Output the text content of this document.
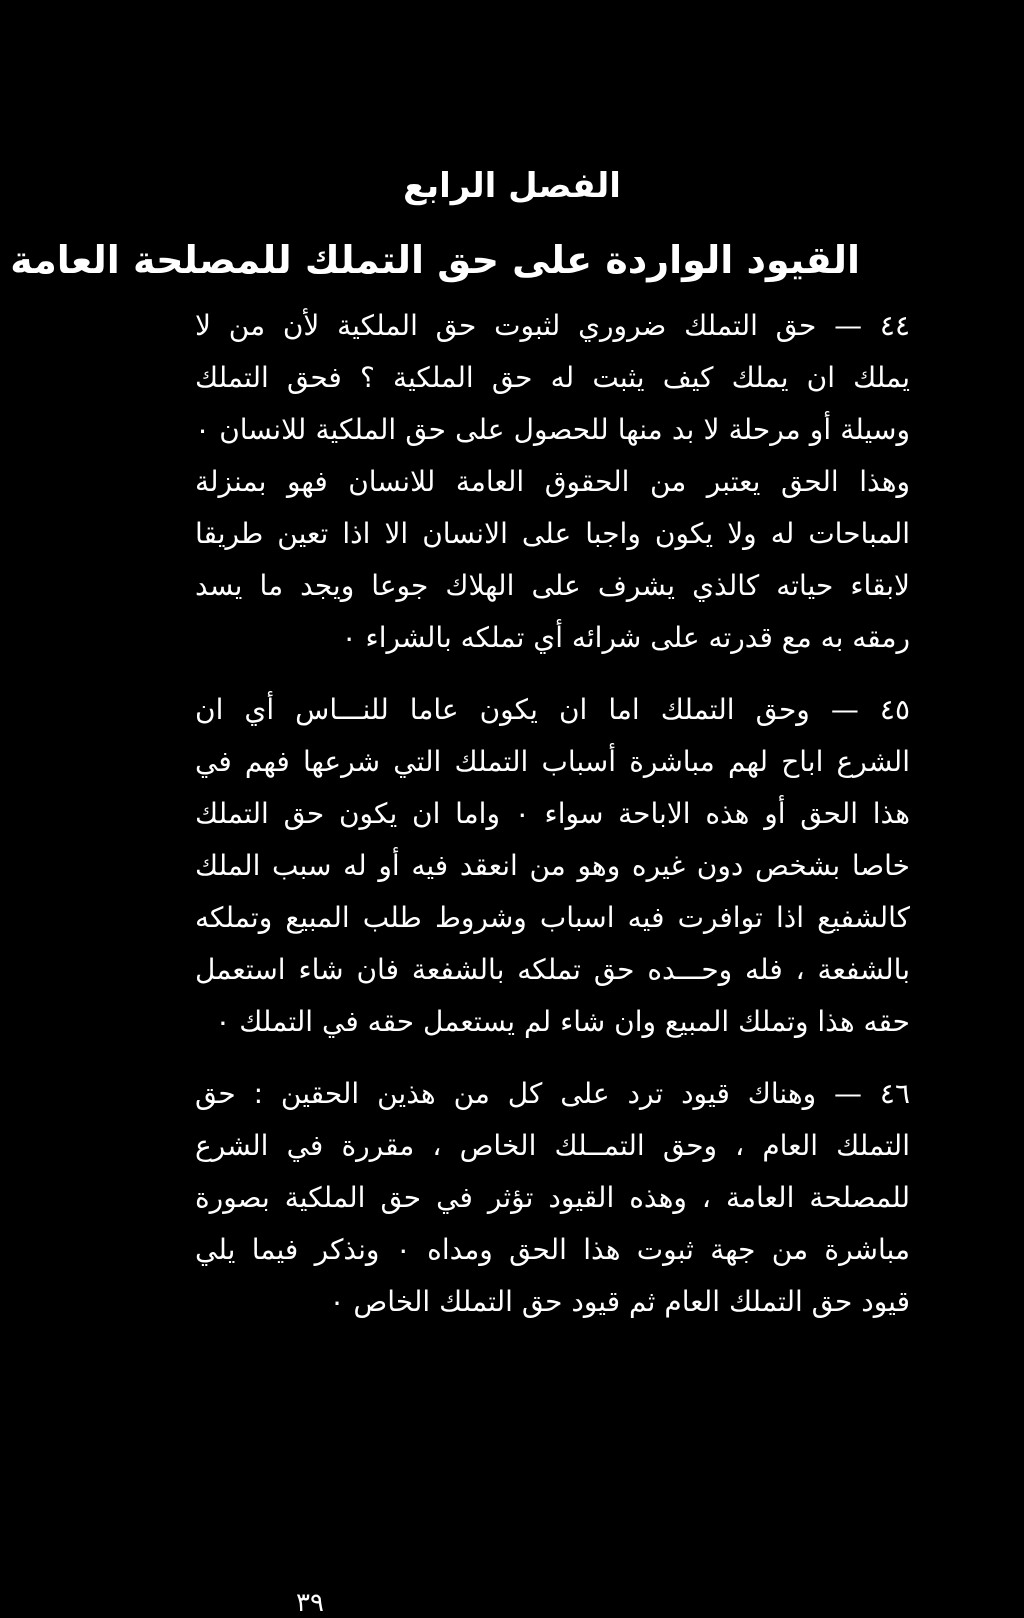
الفصل الرابع
القيود الواردة على حق التملك للمصلحة العامة
٤٤ — حق التملك ضروري لثبوت حق الملكية لأن من لا
يملك ان يملك كيف يثبت له حق الملكية ؟ فحق التملك
وسيلة أو مرحلة لا بد منها للحصول على حق الملكية للانسان ٠
وهذا الحق يعتبر من الحقوق العامة للانسان فهو بمنزلة
المباحات له ولا يكون واجبا على الانسان الا اذا تعين طريقا
لابقاء حياته كالذي يشرف على الهلاك جوعا ويجد ما يسد
رمقه به مع قدرته على شرائه أي تملكه بالشراء ٠
٤٥ — وحق التملك اما ان يكون عاما للنـــاس أي ان
الشرع اباح لهم مباشرة أسباب التملك التي شرعها فهم في
هذا الحق أو هذه الاباحة سواء ٠ واما ان يكون حق التملك
خاصا بشخص دون غيره وهو من انعقد فيه أو له سبب الملك
كالشفيع اذا توافرت فيه اسباب وشروط طلب المبيع وتملكه
بالشفعة ، فله وحـــده حق تملكه بالشفعة فان شاء استعمل
حقه هذا وتملك المبيع وان شاء لم يستعمل حقه في التملك ٠
٤٦ — وهناك قيود ترد على كل من هذين الحقين : حق
التملك العام ، وحق التمــلك الخاص ، مقررة في الشرع
للمصلحة العامة ، وهذه القيود تؤثر في حق الملكية بصورة
مباشرة من جهة ثبوت هذا الحق ومداه ٠ ونذكر فيما يلي
قيود حق التملك العام ثم قيود حق التملك الخاص ٠
٣٩
